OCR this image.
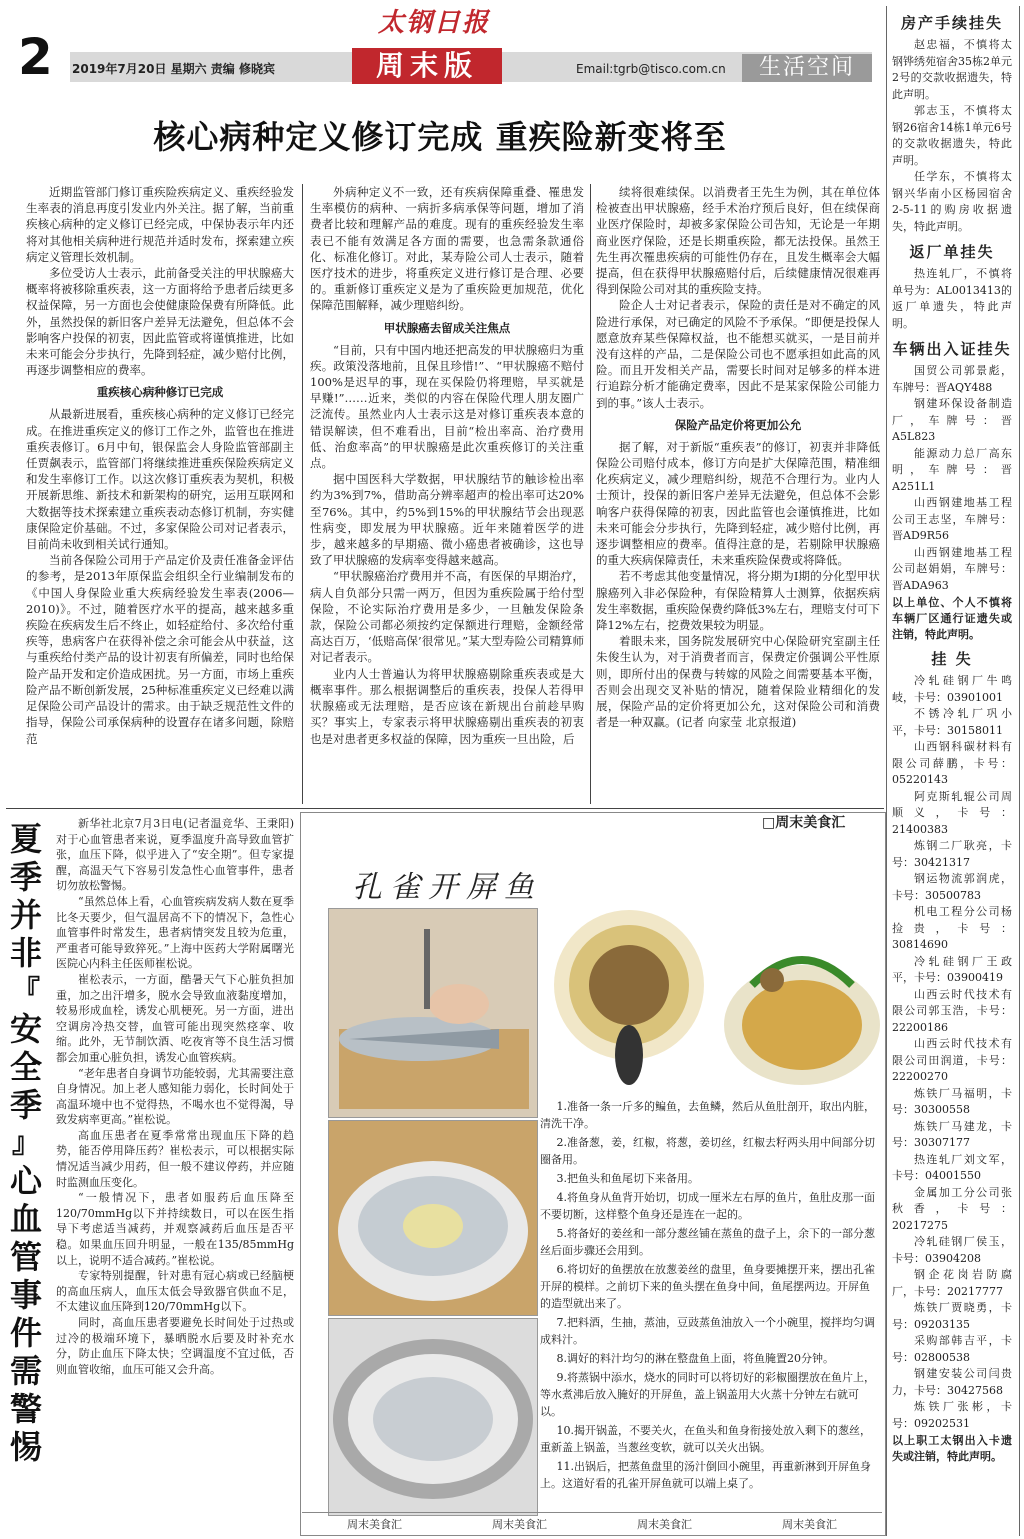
2 2019年7月20日 星期六 责编 修晓宾
太钢日报
周末版	Email:tgrb@tisco.com.cn	生活空间
核心病种定义修订完成 重疾险新变将至

近期监管部门修订重疾险疾病定义、重疾经验发生率表的消息再度引发业内外关注。据了解，当前重疾核心病种的定义修订已经完成，中保协表示年内还将对其他相关病种进行规范并适时发布，探索建立疾病定义管理长效机制。

多位受访人士表示，此前备受关注的甲状腺癌大概率将被移除重疾表，这一方面将给予患者后续更多权益保障，另一方面也会使健康险保费有所降低。此外，虽然投保的新旧客户差异无法避免，但总体不会影响客户投保的初衷，因此监管或将谨慎推进，比如未来可能会分步执行，先降到轻症，减少赔付比例，再逐步调整相应的费率。

重疾核心病种修订已完成

从最新进展看，重疾核心病种的定义修订已经完成。在推进重疾定义的修订工作之外，监管也在推进重疾表修订。6月中旬，银保监会人身险监管部副主任贾飙表示，监管部门将继续推进重疾保险疾病定义和发生率修订工作。以这次修订重疾表为契机，积极开展新思维、新技术和新架构的研究，运用互联网和大数据等技术探索建立重疾表动态修订机制，夯实健康保险定价基础。不过，多家保险公司对记者表示，目前尚未收到相关试行通知。

当前各保险公司用于产品定价及责任准备金评估的参考，是2013年原保监会组织全行业编制发布的《中国人身保险业重大疾病经验发生率表(2006—2010)》。不过，随着医疗水平的提高，越来越多重疾险在疾病发生后不终止，如轻症给付、多次给付重疾等，患病客户在获得补偿之余可能会从中获益，这与重疾给付类产品的设计初衷有所偏差，同时也给保险产品开发和定价造成困扰。另一方面，市场上重疾险产品不断创新发展，25种标准重疾定义已经难以满足保险公司产品设计的需求。由于缺乏规范性文件的指导，保险公司承保病种的设置存在诸多问题，除赔范

外病种定义不一致，还有疾病保障重叠、罹患发生率模仿的病种、一病折多病承保等问题，增加了消费者比较和理解产品的难度。现有的重疾经验发生率表已不能有效满足各方面的需要，也急需条款通俗化、标准化修订。对此，某寿险公司人士表示，随着医疗技术的进步，将重疾定义进行修订是合理、必要的。重新修订重疾定义是为了重疾险更加规范，优化保障范围解释，减少理赔纠纷。

甲状腺癌去留成关注焦点

“目前，只有中国内地还把高发的甲状腺癌归为重疾。政策没落地前，且保且珍惜!”、“甲状腺癌不赔付100%是迟早的事，现在买保险仍将理赔，早买就是早赚!”……近来，类似的内容在保险代理人朋友圈广泛流传。虽然业内人士表示这是对修订重疾表本意的错误解读，但不难看出，目前“检出率高、治疗费用低、治愈率高”的甲状腺癌是此次重疾修订的关注重点。

据中国医科大学数据，甲状腺结节的触诊检出率约为3%到7%，借助高分辨率超声的检出率可达20%至76%。其中，约5%到15%的甲状腺结节会出现恶性病变，即发展为甲状腺癌。近年来随着医学的进步，越来越多的早期癌、微小癌患者被确诊，这也导致了甲状腺癌的发病率变得越来越高。

“甲状腺癌治疗费用并不高，有医保的早期治疗，病人自负部分只需一两万，但因为重疾险属于给付型保险，不论实际治疗费用是多少，一旦触发保险条款，保险公司都必须按约定保额进行理赔，金额经常高达百万，‘低赔高保’很常见。”某大型寿险公司精算师对记者表示。

业内人士普遍认为将甲状腺癌剔除重疾表或是大概率事件。那么根据调整后的重疾表，投保人若得甲状腺癌或无法理赔，是否应该在新规出台前趁早购买？事实上，专家表示将甲状腺癌剔出重疾表的初衷也是对患者更多权益的保障，因为重疾一旦出险，后

续将很难续保。以消费者王先生为例，其在单位体检被查出甲状腺癌，经手术治疗预后良好，但在续保商业医疗保险时，却被多家保险公司告知，无论是一年期商业医疗保险，还是长期重疾险，都无法投保。虽然王先生再次罹患疾病的可能性仍存在，且发生概率会大幅提高，但在获得甲状腺癌赔付后，后续健康情况很难再得到保险公司对其的重疾险支持。

险企人士对记者表示，保险的责任是对不确定的风险进行承保，对已确定的风险不予承保。“即便是投保人愿意放弃某些保障权益，也不能想买就买，一是目前并没有这样的产品，二是保险公司也不愿承担如此高的风险。而且开发相关产品，需要长时间对足够多的样本进行追踪分析才能确定费率，因此不是某家保险公司能力到的事。”该人士表示。

保险产品定价将更加公允

据了解，对于新版“重疾表”的修订，初衷并非降低保险公司赔付成本，修订方向是扩大保障范围，精准细化疾病定义，减少理赔纠纷，规范不合理行为。业内人士预计，投保的新旧客户差异无法避免，但总体不会影响客户获得保障的初衷，因此监管也会谨慎推进，比如未来可能会分步执行，先降到轻症，减少赔付比例，再逐步调整相应的费率。值得注意的是，若剔除甲状腺癌的重大疾病保障责任，未来重疾险保费或将降低。

若不考虑其他变量情况，将分期为I期的分化型甲状腺癌列入非必保险种，有保险精算人士测算，依据疾病发生率数据，重疾险保费约降低3%左右，理赔支付可下降12%左右，挖费效果较为明显。

着眼未来，国务院发展研究中心保险研究室副主任朱俊生认为，对于消费者而言，保费定价强调公平性原则，即所付出的保费与转嫁的风险之间需要基本平衡，否则会出现交叉补贴的情况，随着保险业精细化的发展，保险产品的定价将更加公允，这对保险公司和消费者是一种双赢。(记者 向家莹 北京报道)

夏
季
并
非
『
安
全
季
』
心
血
管
事
件
需
警
惕

新华社北京7月3日电(记者温竞华、王秉阳)对于心血管患者来说，夏季温度升高导致血管扩张，血压下降，似乎进入了“安全期”。但专家提醒，高温天气下容易引发急性心血管事件，患者切勿放松警惕。

“虽然总体上看，心血管疾病发病人数在夏季比冬天要少，但气温居高不下的情况下，急性心血管事件时常发生，患者病情突发且较为危重，严重者可能导致猝死。”上海中医药大学附属曙光医院心内科主任医师崔松说。

崔松表示，一方面，酷暑天气下心脏负担加重，加之出汗增多，脱水会导致血液黏度增加，较易形成血栓，诱发心肌梗死。另一方面，进出空调房冷热交替，血管可能出现突然痉挛、收缩。此外，无节制饮酒、吃夜宵等不良生活习惯都会加重心脏负担，诱发心血管疾病。

“老年患者自身调节功能较弱，尤其需要注意自身情况。加上老人感知能力弱化，长时间处于高温环境中也不觉得热，不喝水也不觉得渴，导致发病率更高。”崔松说。

高血压患者在夏季常常出现血压下降的趋势，能否停用降压药？崔松表示，可以根据实际情况适当减少用药，但一般不建议停药，并应随时监测血压变化。

“一般情况下，患者如服药后血压降至120/70mmHg以下并持续数日，可以在医生指导下考虑适当减药，并观察减药后血压是否平稳。如果血压回升明显，一般在135/85mmHg以上，说明不适合减药。”崔松说。

专家特别提醒，针对患有冠心病或已经脑梗的高血压病人，血压太低会导致器官供血不足，不太建议血压降到120/70mmHg以下。

同时，高血压患者要避免长时间处于过热或过冷的极端环境下，暴晒脱水后要及时补充水分，防止血压下降太快；空调温度不宜过低，否则血管收缩，血压可能又会升高。

□周末美食汇
孔雀开屏鱼

1.准备一条一斤多的鳊鱼，去鱼鳞，然后从鱼肚剖开，取出内脏，清洗干净。

2.准备葱，姜，红椒，将葱，姜切丝，红椒去籽两头用中间部分切圈备用。

3.把鱼头和鱼尾切下来备用。

4.将鱼身从鱼背开始切，切成一厘米左右厚的鱼片，鱼肚皮那一面不要切断，这样整个鱼身还是连在一起的。

5.将备好的姜丝和一部分葱丝铺在蒸鱼的盘子上，余下的一部分葱丝后面步骤还会用到。

6.将切好的鱼摆放在放葱姜丝的盘里，鱼身要摊摆开来，摆出孔雀开屏的模样。之前切下来的鱼头摆在鱼身中间，鱼尾摆两边。开屏鱼的造型就出来了。

7.把料酒，生抽，蒸油，豆豉蒸鱼油放入一个小碗里，搅拌均匀调成料汁。

8.调好的料汁均匀的淋在整盘鱼上面，将鱼腌置20分钟。

9.将蒸锅中添水，烧水的同时可以将切好的彩椒圈摆放在鱼片上，等水煮沸后放入腌好的开屏鱼，盖上锅盖用大火蒸十分钟左右就可以。

10.揭开锅盖，不要关火，在鱼头和鱼身衔接处放入剩下的葱丝，重新盖上锅盖，当葱丝变软，就可以关火出锅。

11.出锅后，把蒸鱼盘里的汤汁倒回小碗里，再重新淋到开屏鱼身上。这道好看的孔雀开屏鱼就可以端上桌了。

周末美食汇	周末美食汇	周末美食汇	周末美食汇
房产手续挂失

赵忠福，不慎将太钢铧绣苑宿舍35栋2单元2号的交款收据遗失，特此声明。

郭志玉，不慎将太钢26宿舍14栋1单元6号的交款收据遗失，特此声明。

任学东，不慎将太钢兴华南小区杨园宿舍2-5-11的购房收据遗失，特此声明。

返厂单挂失

热连轧厂，不慎将单号为：AL0013413的返厂单遗失，特此声明。

车辆出入证挂失

国贸公司郭景彪，车牌号：晋AQY488

钢建环保设备制造厂，车牌号：晋A5L823

能源动力总厂高东明，车牌号：晋A251L1

山西钢建地基工程公司王志坚，车牌号：晋AD9R56

山西钢建地基工程公司赵娟娟，车牌号：晋ADA963

以上单位、个人不慎将车辆厂区通行证遗失或注销，特此声明。

挂 失

冷轧硅钢厂牛鸣岐，卡号：03901001

不锈冷轧厂巩小平，卡号：30158011

山西钢科碳材料有限公司薛鹏，卡号：05220143

阿克斯轧辊公司周顺义，卡号：21400383

炼钢二厂耿亮，卡号：30421317

钢运物流郭润虎，卡号：30500783

机电工程分公司杨捡贵，卡号：30814690

冷轧硅钢厂王政平，卡号：03900419

山西云时代技术有限公司郭玉浩，卡号：22200186

山西云时代技术有限公司田润道，卡号：22200270

炼铁厂马福明，卡号：30300558

炼铁厂马建龙，卡号：30307177

热连轧厂刘文军，卡号：04001550

金属加工分公司张秋香，卡号：20217275

冷轧硅钢厂侯玉，卡号：03904208

钢企花岗岩防腐厂，卡号：20217777

炼铁厂贾晓勇，卡号：09203135

采购部韩吉平，卡号：02800538

钢建安装公司闫贵力，卡号：30427568

炼铁厂张彬，卡号：09202531

以上职工太钢出入卡遗失或注销，特此声明。
